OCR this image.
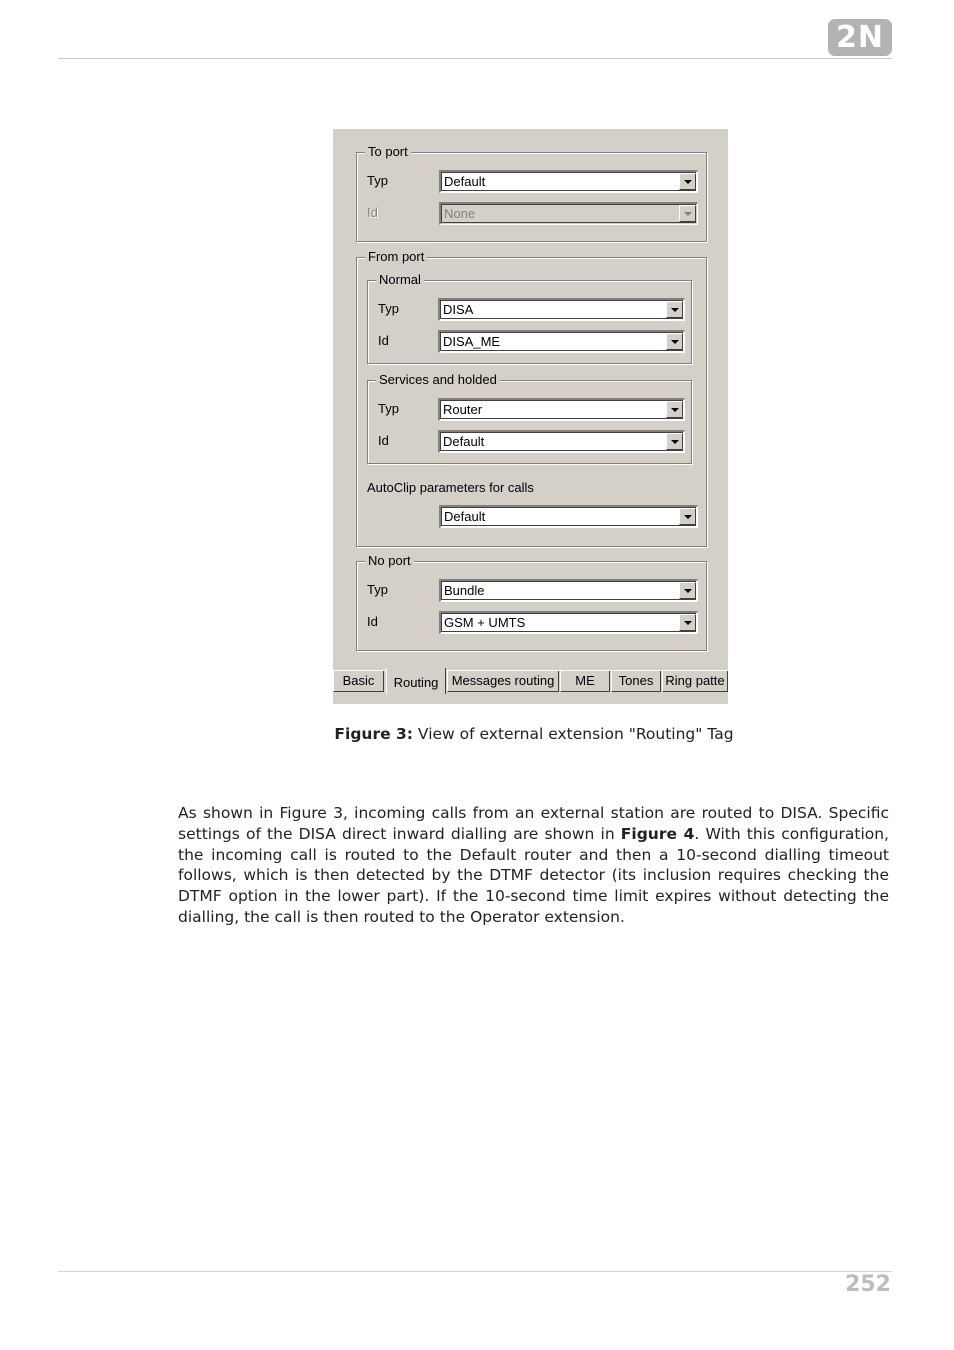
2N
To port
Typ	Default
Id	None
From port
Normal
Typ	DISA
Id	DISA_ME
Services and holded
Typ	Router
Id	Default
AutoClip parameters for calls
Default
No port
Typ	Bundle
Id	GSM + UMTS
Basic	Routing	Messages routing	ME	Tones Ring patte
Figure 3: View of external extension "Routing" Tag
As shown in Figure 3, incoming calls from an external station are routed to DISA. Specific settings of the DISA direct inward dialling are shown in Figure 4. With this configuration, the incoming call is routed to the Default router and then a 10-second dialling timeout follows, which is then detected by the DTMF detector (its inclusion requires checking the DTMF option in the lower part). If the 10-second time limit expires without detecting the dialling, the call is then routed to the Operator extension.
252
